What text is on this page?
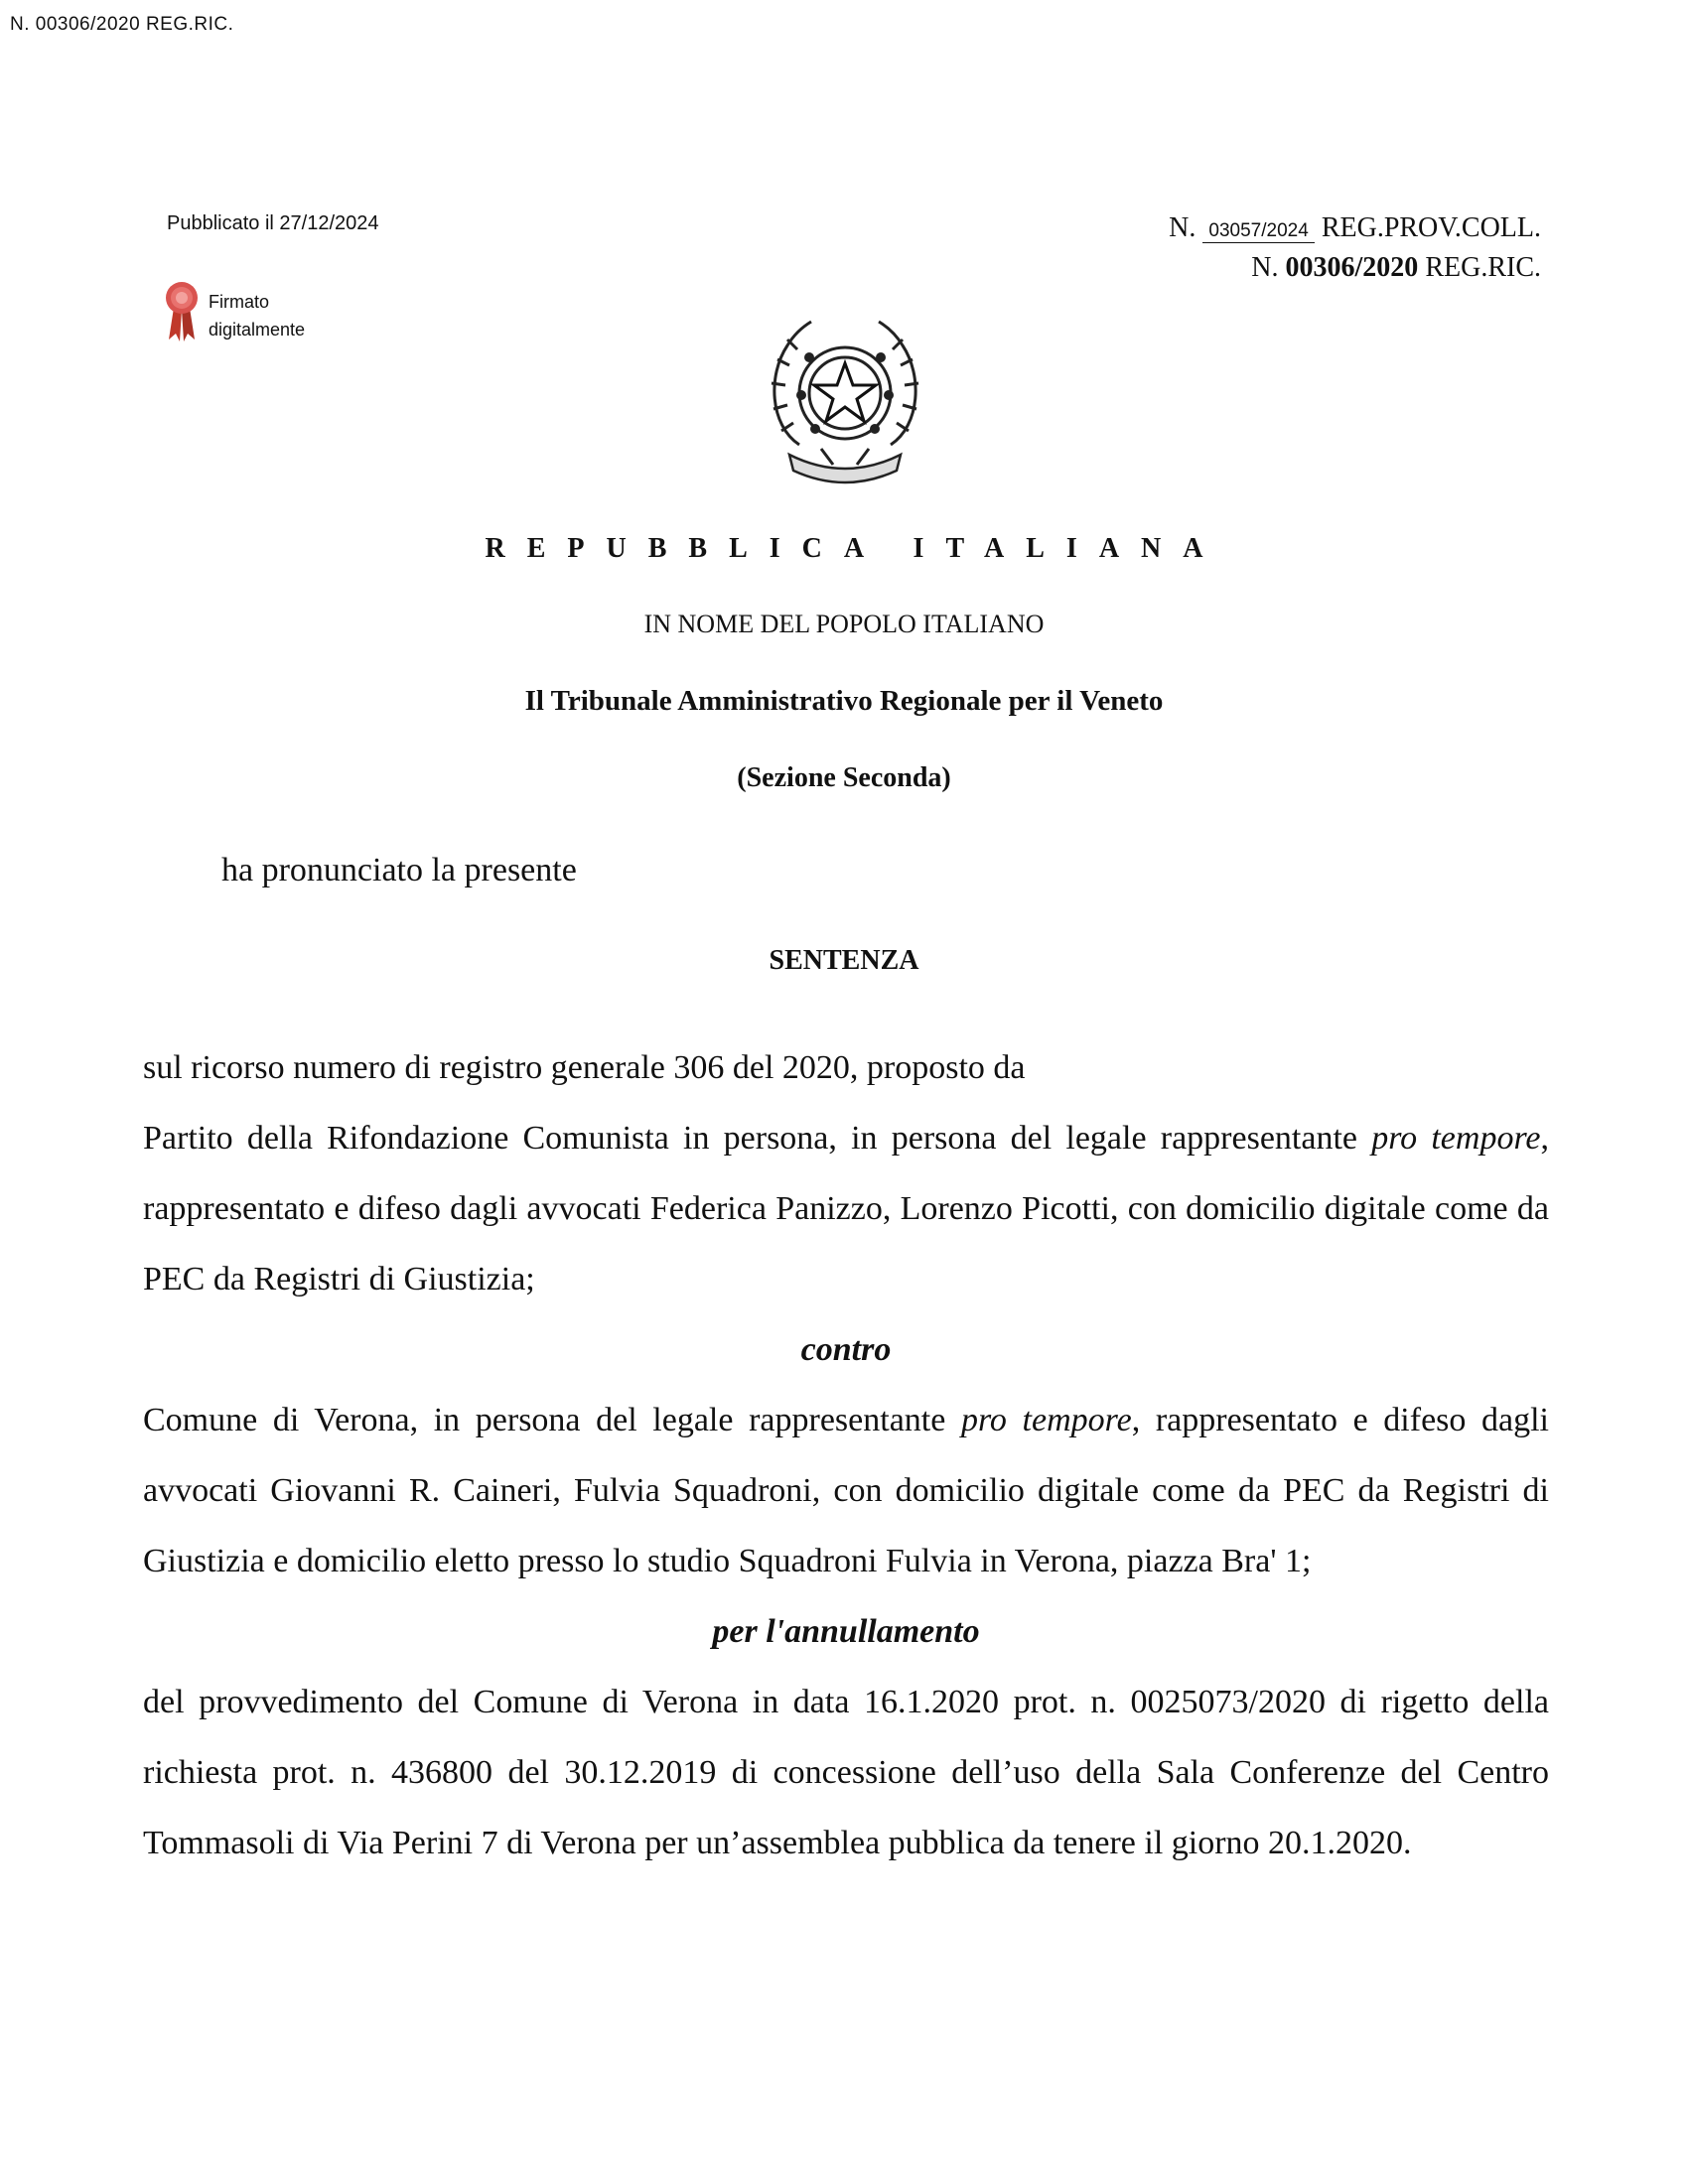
N. 00306/2020 REG.RIC.
Pubblicato il 27/12/2024
Firmato
digitalmente
N. 03057/2024 REG.PROV.COLL.
N. 00306/2020 REG.RIC.
REPUBBLICA ITALIANA
IN NOME DEL POPOLO ITALIANO
Il Tribunale Amministrativo Regionale per il Veneto
(Sezione Seconda)
ha pronunciato la presente
SENTENZA

sul ricorso numero di registro generale 306 del 2020, proposto da

Partito della Rifondazione Comunista in persona, in persona del legale rappresentante pro tempore, rappresentato e difeso dagli avvocati Federica Panizzo, Lorenzo Picotti, con domicilio digitale come da PEC da Registri di Giustizia;

contro

Comune di Verona, in persona del legale rappresentante pro tempore, rappresentato e difeso dagli avvocati Giovanni R. Caineri, Fulvia Squadroni, con domicilio digitale come da PEC da Registri di Giustizia e domicilio eletto presso lo studio Squadroni Fulvia in Verona, piazza Bra' 1;

per l'annullamento

del provvedimento del Comune di Verona in data 16.1.2020 prot. n. 0025073/2020 di rigetto della richiesta prot. n. 436800 del 30.12.2019 di concessione dell’uso della Sala Conferenze del Centro Tommasoli di Via Perini 7 di Verona per un’assemblea pubblica da tenere il giorno 20.1.2020.
